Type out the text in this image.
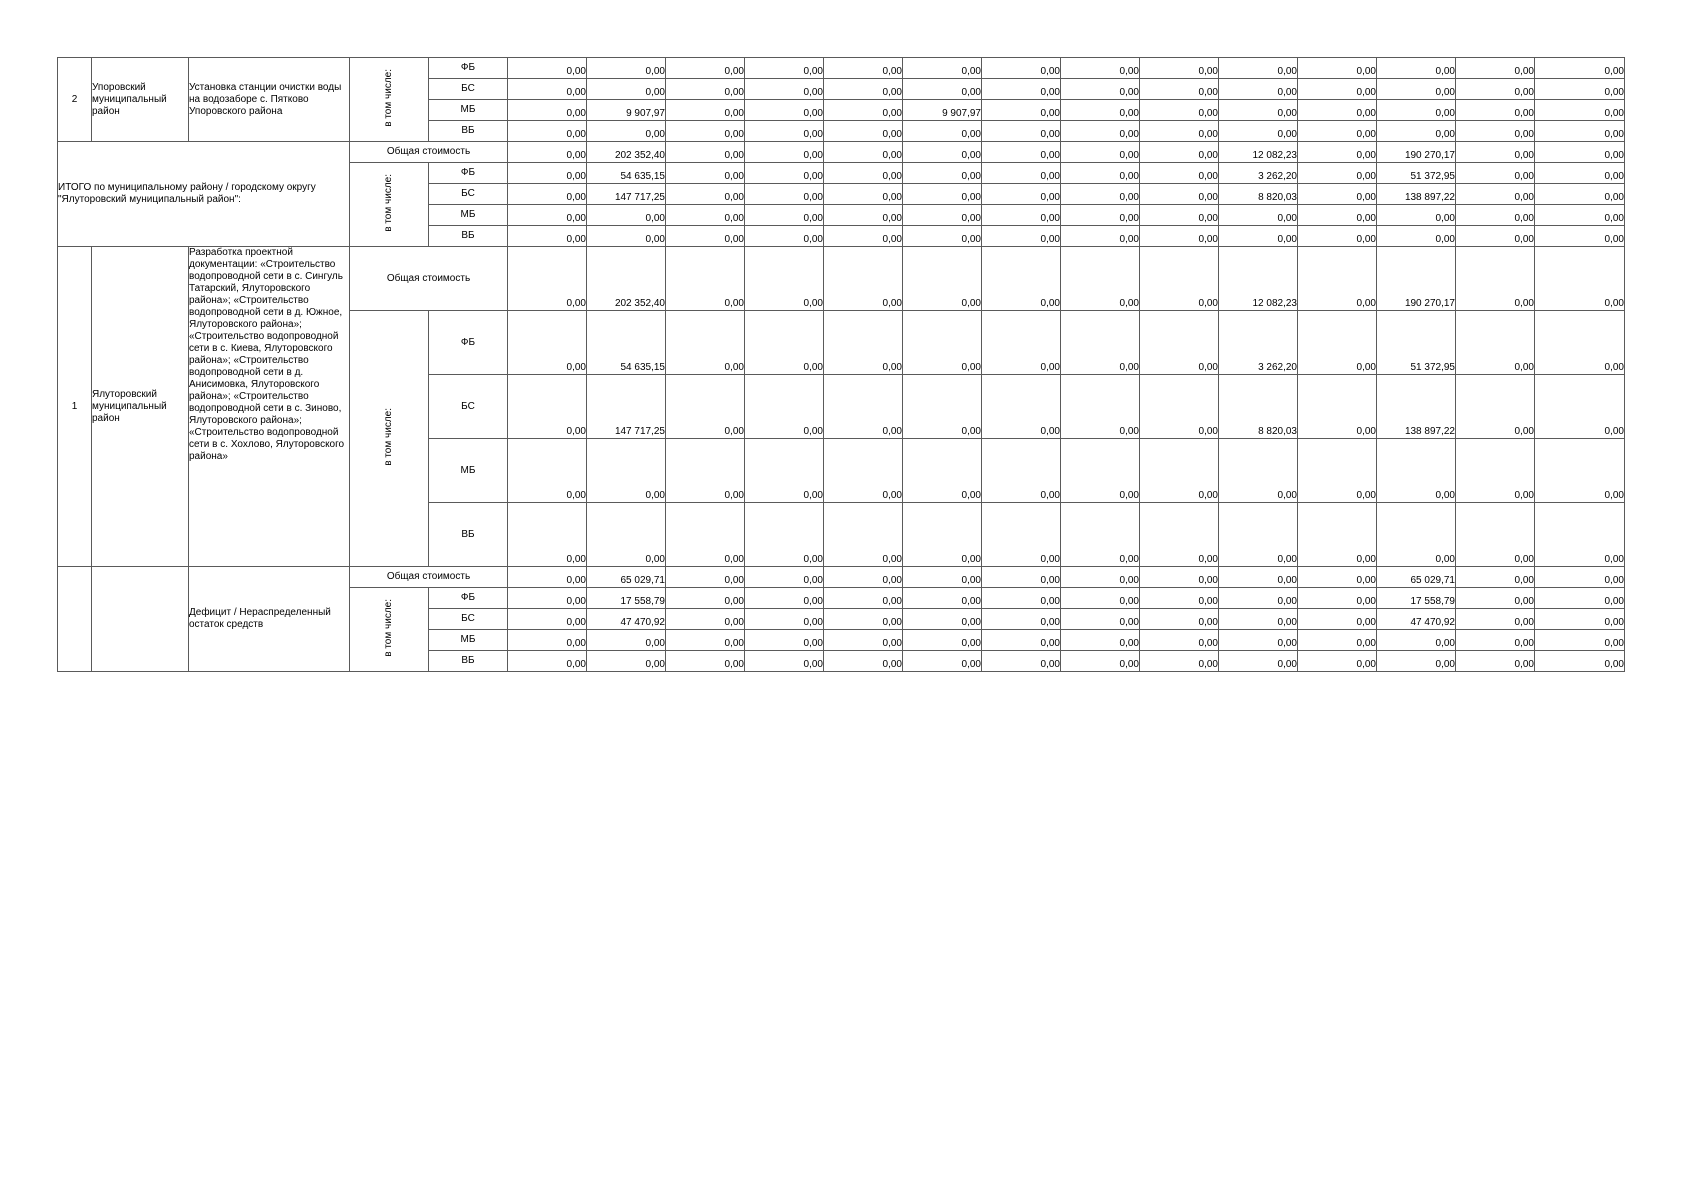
2	Упоровский муниципальный район	Установка станции очистки воды на водозаборе с. Пятково Упоровского района	в том числе:	ФБ	0,00	0,00	0,00	0,00	0,00	0,00	0,00	0,00	0,00	0,00	0,00	0,00	0,00	0,00
				БС	0,00	0,00	0,00	0,00	0,00	0,00	0,00	0,00	0,00	0,00	0,00	0,00	0,00	0,00
				МБ	0,00	9 907,97	0,00	0,00	0,00	9 907,97	0,00	0,00	0,00	0,00	0,00	0,00	0,00	0,00
				ВБ	0,00	0,00	0,00	0,00	0,00	0,00	0,00	0,00	0,00	0,00	0,00	0,00	0,00	0,00
ИТОГО по муниципальному району / городскому округу "Ялуторовский муниципальный район":			Общая стоимость		0,00	202 352,40	0,00	0,00	0,00	0,00	0,00	0,00	0,00	12 082,23	0,00	190 270,17	0,00	0,00
			в том числе:	ФБ	0,00	54 635,15	0,00	0,00	0,00	0,00	0,00	0,00	0,00	3 262,20	0,00	51 372,95	0,00	0,00
				БС	0,00	147 717,25	0,00	0,00	0,00	0,00	0,00	0,00	0,00	8 820,03	0,00	138 897,22	0,00	0,00
				МБ	0,00	0,00	0,00	0,00	0,00	0,00	0,00	0,00	0,00	0,00	0,00	0,00	0,00	0,00
				ВБ	0,00	0,00	0,00	0,00	0,00	0,00	0,00	0,00	0,00	0,00	0,00	0,00	0,00	0,00
1	Ялуторовский муниципальный район	Разработка проектной документации: «Строительство водопроводной сети в с. Сингуль Татарский, Ялуторовского района»; «Строительство водопроводной сети в д. Южное, Ялуторовского района»; «Строительство водопроводной сети в с. Киева, Ялуторовского района»; «Строительство водопроводной сети в д. Анисимовка, Ялуторовского района»; «Строительство водопроводной сети в с. Зиново, Ялуторовского района»; «Строительство водопроводной сети в с. Хохлово, Ялуторовского района»	Общая стоимость		0,00	202 352,40	0,00	0,00	0,00	0,00	0,00	0,00	0,00	12 082,23	0,00	190 270,17	0,00	0,00
			в том числе:	ФБ	0,00	54 635,15	0,00	0,00	0,00	0,00	0,00	0,00	0,00	3 262,20	0,00	51 372,95	0,00	0,00
				БС	0,00	147 717,25	0,00	0,00	0,00	0,00	0,00	0,00	0,00	8 820,03	0,00	138 897,22	0,00	0,00
				МБ	0,00	0,00	0,00	0,00	0,00	0,00	0,00	0,00	0,00	0,00	0,00	0,00	0,00	0,00
				ВБ	0,00	0,00	0,00	0,00	0,00	0,00	0,00	0,00	0,00	0,00	0,00	0,00	0,00	0,00
		Дефицит / Нераспределенный остаток средств	Общая стоимость		0,00	65 029,71	0,00	0,00	0,00	0,00	0,00	0,00	0,00	0,00	0,00	65 029,71	0,00	0,00
			в том числе:	ФБ	0,00	17 558,79	0,00	0,00	0,00	0,00	0,00	0,00	0,00	0,00	0,00	17 558,79	0,00	0,00
				БС	0,00	47 470,92	0,00	0,00	0,00	0,00	0,00	0,00	0,00	0,00	0,00	47 470,92	0,00	0,00
				МБ	0,00	0,00	0,00	0,00	0,00	0,00	0,00	0,00	0,00	0,00	0,00	0,00	0,00	0,00
				ВБ	0,00	0,00	0,00	0,00	0,00	0,00	0,00	0,00	0,00	0,00	0,00	0,00	0,00	0,00
